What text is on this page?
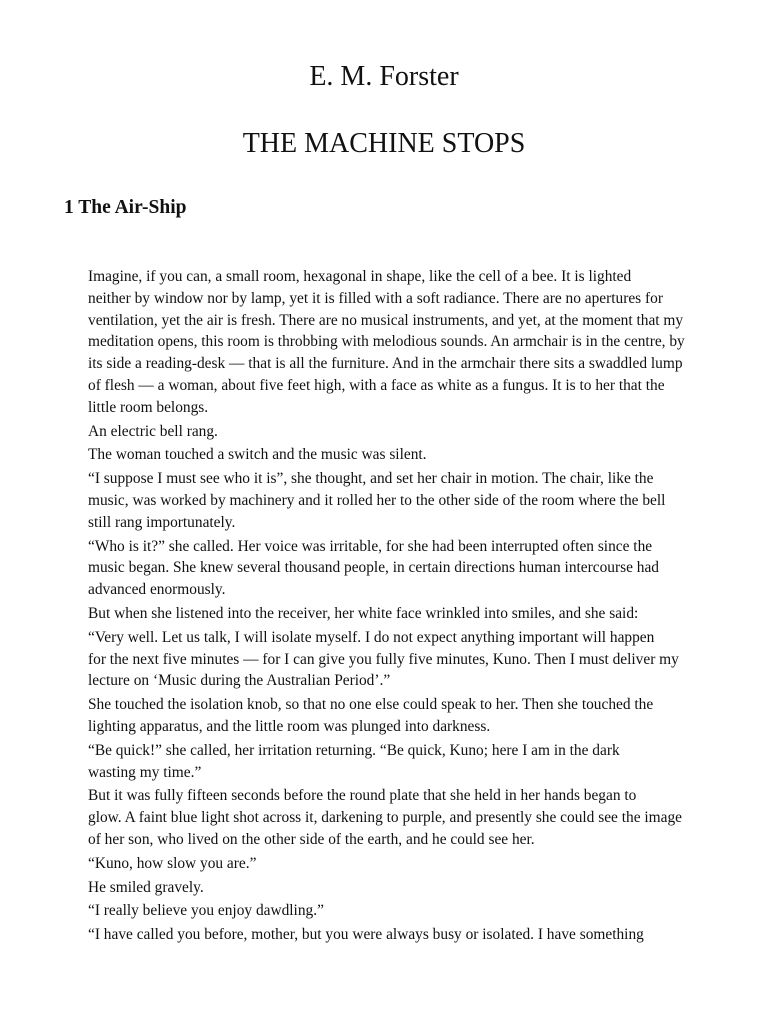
E. M. Forster
THE MACHINE STOPS
1 The Air-Ship

Imagine, if you can, a small room, hexagonal in shape, like the cell of a bee. It is lighted
neither by window nor by lamp, yet it is filled with a soft radiance. There are no apertures for
ventilation, yet the air is fresh. There are no musical instruments, and yet, at the moment that my
meditation opens, this room is throbbing with melodious sounds. An armchair is in the centre, by
its side a reading-desk — that is all the furniture. And in the armchair there sits a swaddled lump
of flesh — a woman, about five feet high, with a face as white as a fungus. It is to her that the
little room belongs.

An electric bell rang.

The woman touched a switch and the music was silent.

“I suppose I must see who it is”, she thought, and set her chair in motion. The chair, like the
music, was worked by machinery and it rolled her to the other side of the room where the bell
still rang importunately.

“Who is it?” she called. Her voice was irritable, for she had been interrupted often since the
music began. She knew several thousand people, in certain directions human intercourse had
advanced enormously.

But when she listened into the receiver, her white face wrinkled into smiles, and she said:

“Very well. Let us talk, I will isolate myself. I do not expect anything important will happen
for the next five minutes — for I can give you fully five minutes, Kuno. Then I must deliver my
lecture on ‘Music during the Australian Period’.”

She touched the isolation knob, so that no one else could speak to her. Then she touched the
lighting apparatus, and the little room was plunged into darkness.

“Be quick!” she called, her irritation returning. “Be quick, Kuno; here I am in the dark
wasting my time.”

But it was fully fifteen seconds before the round plate that she held in her hands began to
glow. A faint blue light shot across it, darkening to purple, and presently she could see the image
of her son, who lived on the other side of the earth, and he could see her.

“Kuno, how slow you are.”

He smiled gravely.

“I really believe you enjoy dawdling.”

“I have called you before, mother, but you were always busy or isolated. I have something
